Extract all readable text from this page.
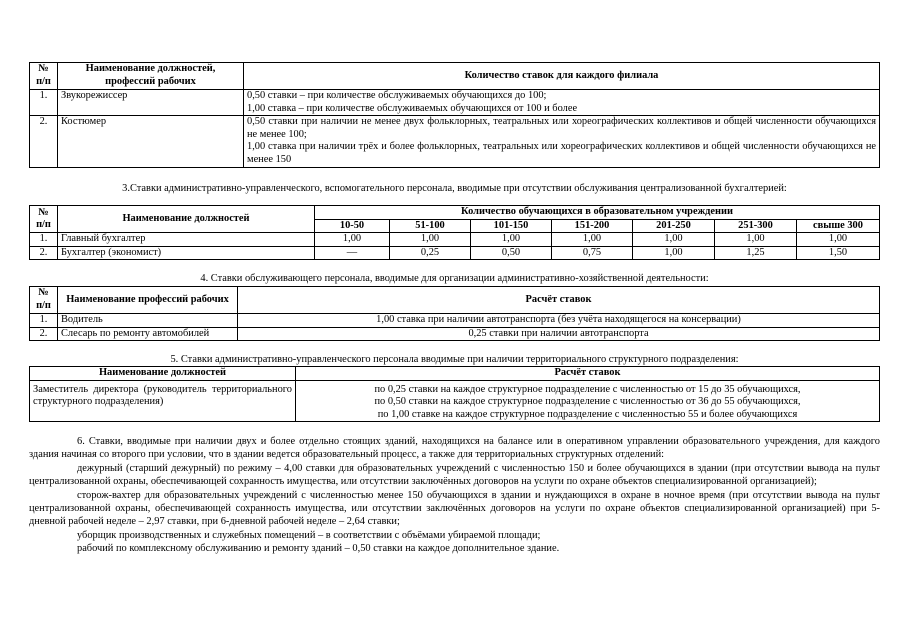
№ п/п	Наименование должностей, профессий рабочих	Количество ставок для каждого филиала
1.	Звукорежиссер	0,50 ставки – при количестве обслуживаемых обучающихся до 100;
1,00 ставка – при количестве обслуживаемых обучающихся от 100 и более

2.	Костюмер	0,50 ставки при наличии не менее двух фольклорных, театральных или хореографических коллективов и общей численности обучающихся не менее 100;
1,00 ставка при наличии трёх и более фольклорных, театральных или хореографических коллективов и общей численности обучающихся не менее 150
3.Ставки административно-управленческого, вспомогательного персонала, вводимые при отсутствии обслуживания централизованной бухгалтерией:
№ п/п	Наименование должностей	Количество обучающихся в образовательном учреждении						
		10-50	51-100	101-150	151-200	201-250	251-300	свыше 300
1.	Главный бухгалтер	1,00	1,00	1,00	1,00	1,00	1,00	1,00
2.	Бухгалтер (экономист)	—	0,25	0,50	0,75	1,00	1,25	1,50
4. Ставки обслуживающего персонала, вводимые для организации административно-хозяйственной деятельности:
№ п/п	Наименование профессий рабочих	Расчёт ставок
1.	Водитель	1,00 ставка при наличии автотранспорта (без учёта находящегося на консервации)
2.	Слесарь по ремонту автомобилей	0,25 ставки при наличии автотранспорта
5. Ставки административно-управленческого персонала вводимые при наличии территориального структурного подразделения:
Наименование должностей	Расчёт ставок
Заместитель директора (руководитель территориального структурного подразделения)	по 0,25 ставки на каждое структурное подразделение с численностью от 15 до 35 обучающихся,
по 0,50 ставки на каждое структурное подразделение с численностью от 36 до 55 обучающихся,
по 1,00 ставке на каждое структурное подразделение с численностью 55 и более обучающихся

6. Ставки, вводимые при наличии двух и более отдельно стоящих зданий, находящихся на балансе или в оперативном управлении образовательного учреждения, для каждого здания начиная со второго при условии, что в здании ведется образовательный процесс, а также для территориальных структурных отделений:

дежурный (старший дежурный) по режиму – 4,00 ставки для образовательных учреждений с численностью 150 и более обучающихся в здании (при отсутствии вывода на пульт централизованной охраны, обеспечивающей сохранность имущества, или отсутствии заключённых договоров на услуги по охране объектов специализированной организацией);

сторож-вахтер для образовательных учреждений с численностью менее 150 обучающихся в здании и нуждающихся в охране в ночное время (при отсутствии вывода на пульт централизованной охраны, обеспечивающей сохранность имущества, или отсутствии заключённых договоров на услуги по охране объектов специализированной организацией) при 5-дневной рабочей неделе – 2,97 ставки, при 6-дневной рабочей неделе – 2,64 ставки;

уборщик производственных и служебных помещений – в соответствии с объёмами убираемой площади;

рабочий по комплексному обслуживанию и ремонту зданий – 0,50 ставки на каждое дополнительное здание.
